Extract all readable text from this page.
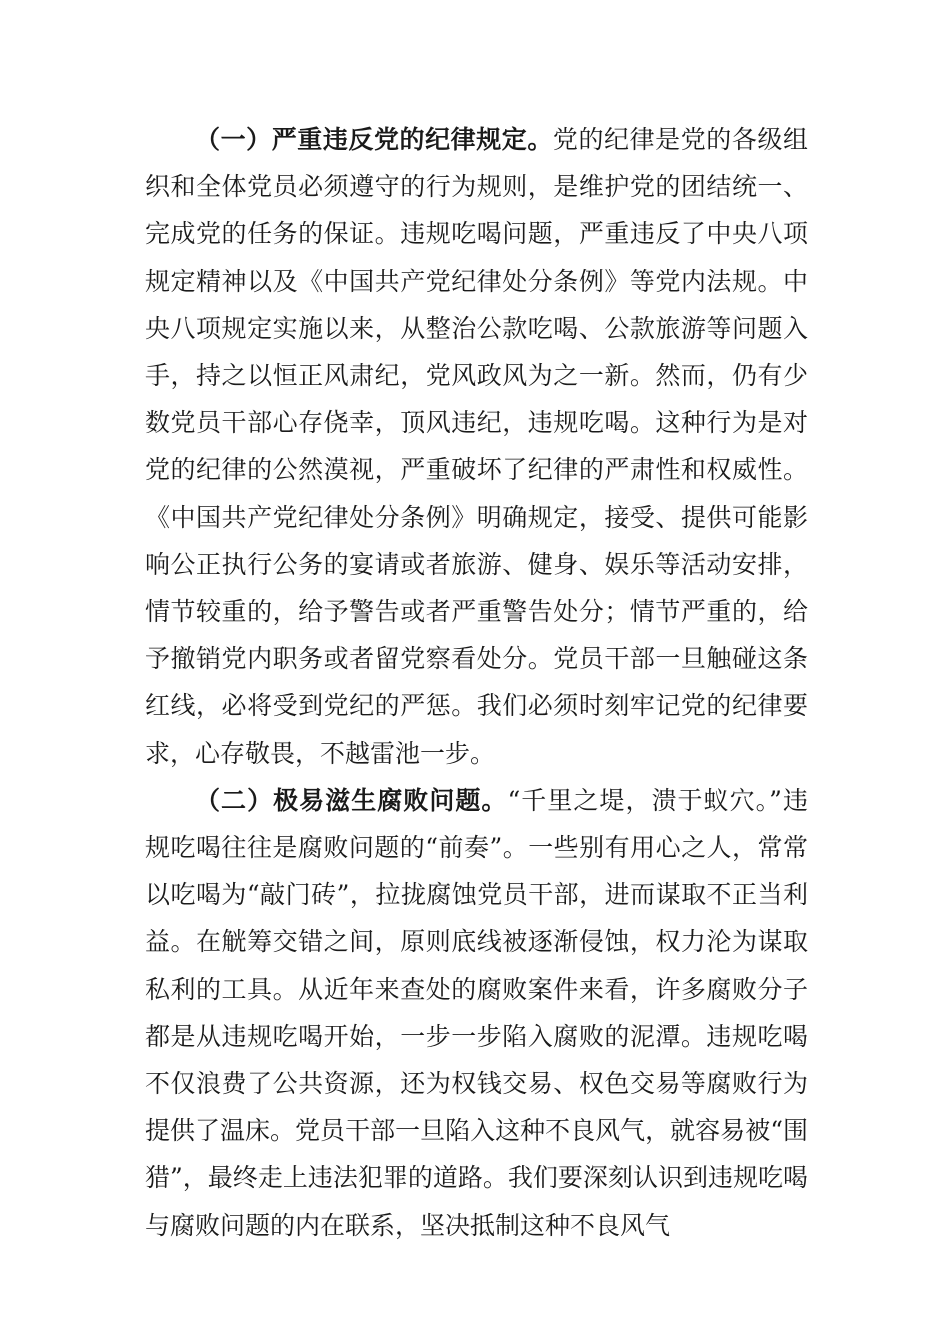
（一）严重违反党的纪律规定。党的纪律是党的各级组织和全体党员必须遵守的行为规则，是维护党的团结统一、完成党的任务的保证。违规吃喝问题，严重违反了中央八项规定精神以及《中国共产党纪律处分条例》等党内法规。中央八项规定实施以来，从整治公款吃喝、公款旅游等问题入手，持之以恒正风肃纪，党风政风为之一新。然而，仍有少数党员干部心存侥幸，顶风违纪，违规吃喝。这种行为是对党的纪律的公然漠视，严重破坏了纪律的严肃性和权威性。《中国共产党纪律处分条例》明确规定，接受、提供可能影响公正执行公务的宴请或者旅游、健身、娱乐等活动安排，情节较重的，给予警告或者严重警告处分；情节严重的，给予撤销党内职务或者留党察看处分。党员干部一旦触碰这条红线，必将受到党纪的严惩。我们必须时刻牢记党的纪律要求，心存敬畏，不越雷池一步。

（二）极易滋生腐败问题。“千里之堤，溃于蚁穴。”违规吃喝往往是腐败问题的“前奏”。一些别有用心之人，常常以吃喝为“敲门砖”，拉拢腐蚀党员干部，进而谋取不正当利益。在觥筹交错之间，原则底线被逐渐侵蚀，权力沦为谋取私利的工具。从近年来查处的腐败案件来看，许多腐败分子都是从违规吃喝开始，一步一步陷入腐败的泥潭。违规吃喝不仅浪费了公共资源，还为权钱交易、权色交易等腐败行为提供了温床。党员干部一旦陷入这种不良风气，就容易被“围猎”，最终走上违法犯罪的道路。我们要深刻认识到违规吃喝与腐败问题的内在联系，坚决抵制这种不良风气
